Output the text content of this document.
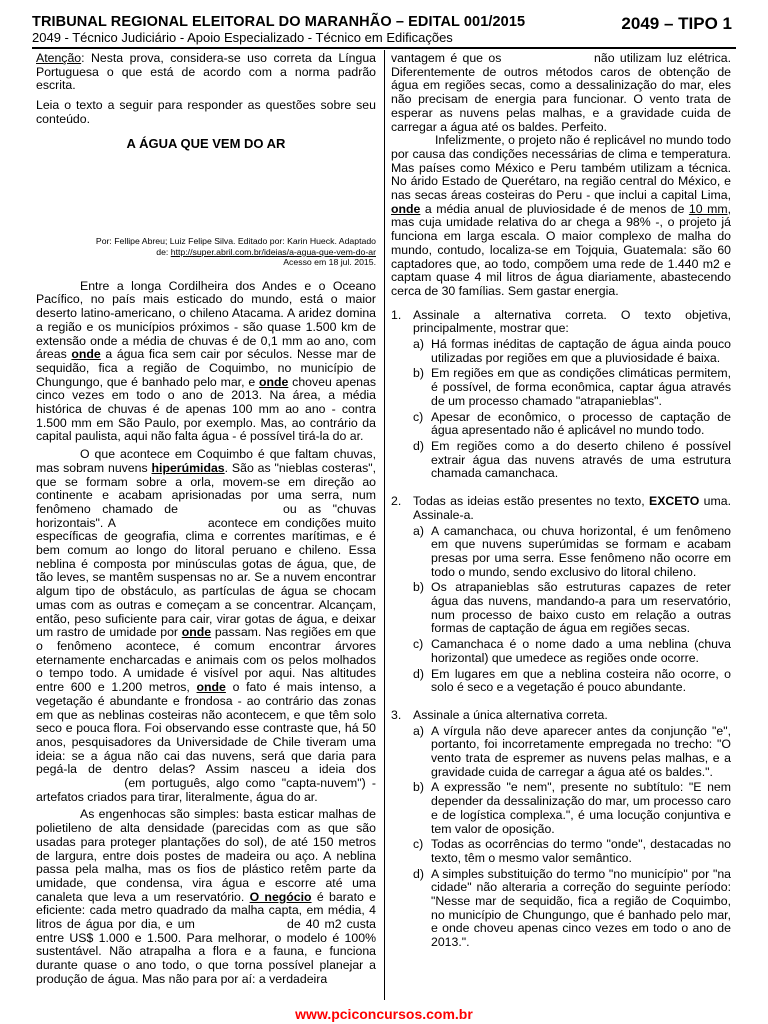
TRIBUNAL REGIONAL ELEITORAL DO MARANHÃO – EDITAL 001/2015
2049 - Técnico Judiciário - Apoio Especializado - Técnico em Edificações
2049 – TIPO 1

Atenção: Nesta prova, considera-se uso correta da Língua Portuguesa o que está de acordo com a norma padrão escrita.

Leia o texto a seguir para responder as questões sobre seu conteúdo.

A ÁGUA QUE VEM DO AR
Por: Fellipe Abreu; Luiz Felipe Silva. Editado por: Karin Hueck. Adaptado
de: http://super.abril.com.br/ideias/a-agua-que-vem-do-ar
Acesso em 18 jul. 2015.

Entre a longa Cordilheira dos Andes e o Oceano Pacífico, no país mais esticado do mundo, está o maior deserto latino-americano, o chileno Atacama. A aridez domina a região e os municípios próximos - são quase 1.500 km de extensão onde a média de chuvas é de 0,1 mm ao ano, com áreas onde a água fica sem cair por séculos. Nesse mar de sequidão, fica a região de Coquimbo, no município de Chungungo, que é banhado pelo mar, e onde choveu apenas cinco vezes em todo o ano de 2013. Na área, a média histórica de chuvas é de apenas 100 mm ao ano - contra 1.500 mm em São Paulo, por exemplo. Mas, ao contrário da capital paulista, aqui não falta água - é possível tirá-la do ar.

O que acontece em Coquimbo é que faltam chuvas, mas sobram nuvens hiperúmidas. São as "nieblas costeras", que se formam sobre a orla, movem-se em direção ao continente e acabam aprisionadas por uma serra, num fenômeno chamado de	ou as "chuvas horizontais". A	acontece em condições muito específicas de geografia, clima e correntes marítimas, e é bem comum ao longo do litoral peruano e chileno. Essa neblina é composta por minúsculas gotas de água, que, de tão leves, se mantêm suspensas no ar. Se a nuvem encontrar algum tipo de obstáculo, as partículas de água se chocam umas com as outras e começam a se concentrar. Alcançam, então, peso suficiente para cair, virar gotas de água, e deixar um rastro de umidade por onde passam. Nas regiões em que o fenômeno acontece, é comum encontrar árvores eternamente encharcadas e animais com os pelos molhados o tempo todo. A umidade é visível por aqui. Nas altitudes entre 600 e 1.200 metros, onde o fato é mais intenso, a vegetação é abundante e frondosa - ao contrário das zonas em que as neblinas costeiras não acontecem, e que têm solo seco e pouca flora. Foi observando esse contraste que, há 50 anos, pesquisadores da Universidade de Chile tiveram uma ideia: se a água não cai das nuvens, será que daria para pegá-la de dentro delas? Assim nasceu a ideia dos  (em português, algo como "capta-nuvem") - artefatos criados para tirar, literalmente, água do ar.

As engenhocas são simples: basta esticar malhas de polietileno de alta densidade (parecidas com as que são usadas para proteger plantações do sol), de até 150 metros de largura, entre dois postes de madeira ou aço. A neblina passa pela malha, mas os fios de plástico retêm parte da umidade, que condensa, vira água e escorre até uma canaleta que leva a um reservatório. O negócio é barato e eficiente: cada metro quadrado da malha capta, em média, 4 litros de água por dia, e um	de 40 m2 custa entre US$ 1.000 e 1.500. Para melhorar, o modelo é 100% sustentável. Não atrapalha a flora e a fauna, e funciona durante quase o ano todo, o que torna possível planejar a produção de água. Mas não para por aí: a verdadeira

vantagem é que os	não utilizam luz elétrica. Diferentemente de outros métodos caros de obtenção de água em regiões secas, como a dessalinização do mar, eles não precisam de energia para funcionar. O vento trata de esperar as nuvens pelas malhas, e a gravidade cuida de carregar a água até os baldes. Perfeito.

Infelizmente, o projeto não é replicável no mundo todo por causa das condições necessárias de clima e temperatura. Mas países como México e Peru também utilizam a técnica. No árido Estado de Querétaro, na região central do México, e nas secas áreas costeiras do Peru - que inclui a capital Lima, onde a média anual de pluviosidade é de menos de 10 mm, mas cuja umidade relativa do ar chega a 98% -, o projeto já funciona em larga escala. O maior complexo de malha do mundo, contudo, localiza-se em Tojquia, Guatemala: são 60 captadores que, ao todo, compõem uma rede de 1.440 m2 e captam quase 4 mil litros de água diariamente, abastecendo cerca de 30 famílias. Sem gastar energia.

1. Assinale a alternativa correta. O texto objetiva, principalmente, mostrar que:
a) Há formas inéditas de captação de água ainda pouco utilizadas por regiões em que a pluviosidade é baixa.
b) Em regiões em que as condições climáticas permitem, é possível, de forma econômica, captar água através de um processo chamado "atrapanieblas".
c) Apesar de econômico, o processo de captação de água apresentado não é aplicável no mundo todo.
d) Em regiões como a do deserto chileno é possível extrair água das nuvens através de uma estrutura chamada camanchaca.
2. Todas as ideias estão presentes no texto, EXCETO uma. Assinale-a.
a) A camanchaca, ou chuva horizontal, é um fenômeno em que nuvens superúmidas se formam e acabam presas por uma serra. Esse fenômeno não ocorre em todo o mundo, sendo exclusivo do litoral chileno.
b) Os atrapanieblas são estruturas capazes de reter água das nuvens, mandando-a para um reservatório, num processo de baixo custo em relação a outras formas de captação de água em regiões secas.
c) Camanchaca é o nome dado a uma neblina (chuva horizontal) que umedece as regiões onde ocorre.
d) Em lugares em que a neblina costeira não ocorre, o solo é seco e a vegetação é pouco abundante.
3. Assinale a única alternativa correta.
a) A vírgula não deve aparecer antes da conjunção "e", portanto, foi incorretamente empregada no trecho: "O vento trata de espremer as nuvens pelas malhas, e a gravidade cuida de carregar a água até os baldes.".
b) A expressão "e nem", presente no subtítulo: "E nem depender da dessalinização do mar, um processo caro e de logística complexa.", é uma locução conjuntiva e tem valor de oposição.
c) Todas as ocorrências do termo "onde", destacadas no texto, têm o mesmo valor semântico.
d) A simples substituição do termo "no município" por "na cidade" não alteraria a correção do seguinte período: "Nesse mar de sequidão, fica a região de Coquimbo, no município de Chungungo, que é banhado pelo mar, e onde choveu apenas cinco vezes em todo o ano de 2013.".
www.pciconcursos.com.br
